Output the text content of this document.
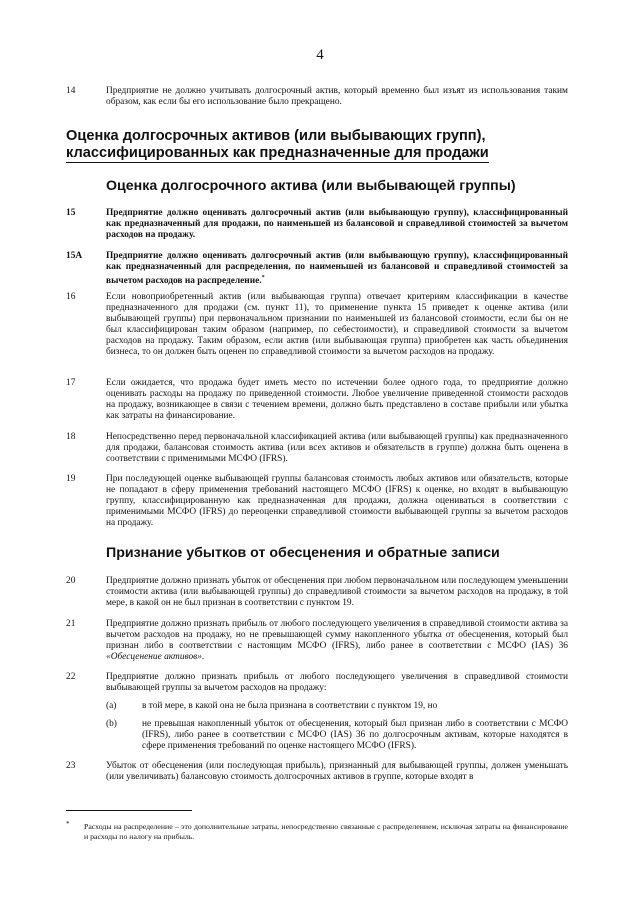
4
14	Предприятие не должно учитывать долгосрочный актив, который временно был изъят из использования таким образом, как если бы его использование было прекращено.
Оценка долгосрочных активов (или выбывающих групп),
классифицированных как предназначенные для продажи
Оценка долгосрочного актива (или выбывающей группы)
15	Предприятие должно оценивать долгосрочный актив (или выбывающую группу), классифицированный как предназначенный для продажи, по наименьшей из балансовой и справедливой стоимостей за вычетом расходов на продажу.
15A	Предприятие должно оценивать долгосрочный актив (или выбывающую группу), классифицированный как предназначенный для распределения, по наименьшей из балансовой и справедливой стоимостей за вычетом расходов на распределение.*
16	Если новоприобретенный актив (или выбывающая группа) отвечает критериям классификации в качестве предназначенного для продажи (см. пункт 11), то применение пункта 15 приведет к оценке актива (или выбывающей группы) при первоначальном признании по наименьшей из балансовой стоимости, если бы он не был классифицирован таким образом (например, по себестоимости), и справедливой стоимости за вычетом расходов на продажу. Таким образом, если актив (или выбывающая группа) приобретен как часть объединения бизнеса, то он должен быть оценен по справедливой стоимости за вычетом расходов на продажу.
17	Если ожидается, что продажа будет иметь место по истечении более одного года, то предприятие должно оценивать расходы на продажу по приведенной стоимости. Любое увеличение приведенной стоимости расходов на продажу, возникающее в связи с течением времени, должно быть представлено в составе прибыли или убытка как затраты на финансирование.
18	Непосредственно перед первоначальной классификацией актива (или выбывающей группы) как предназначенного для продажи, балансовая стоимость актива (или всех активов и обязательств в группе) должна быть оценена в соответствии с применимыми МСФО (IFRS).
19	При последующей оценке выбывающей группы балансовая стоимость любых активов или обязательств, которые не попадают в сферу применения требований настоящего МСФО (IFRS) к оценке, но входят в выбывающую группу, классифицированную как предназначенная для продажи, должна оцениваться в соответствии с применимыми МСФО (IFRS) до переоценки справедливой стоимости выбывающей группы за вычетом расходов на продажу.
Признание убытков от обесценения и обратные записи
20	Предприятие должно признать убыток от обесценения при любом первоначальном или последующем уменьшении стоимости актива (или выбывающей группы) до справедливой стоимости за вычетом расходов на продажу, в той мере, в какой он не был признан в соответствии с пунктом 19.
21	Предприятие должно признать прибыль от любого последующего увеличения в справедливой стоимости актива за вычетом расходов на продажу, но не превышающей сумму накопленного убытка от обесценения, который был признан либо в соответствии с настоящим МСФО (IFRS), либо ранее в соответствии с МСФО (IAS) 36 «Обесценение активов».
22	Предприятие должно признать прибыль от любого последующего увеличения в справедливой стоимости выбывающей группы за вычетом расходов на продажу:
(a)	в той мере, в какой она не была признана в соответствии с пунктом 19, но
(b)	не превышая накопленный убыток от обесценения, который был признан либо в соответствии с МСФО (IFRS), либо ранее в соответствии с МСФО (IAS) 36 по долгосрочным активам, которые находятся в сфере применения требований по оценке настоящего МСФО (IFRS).
23	Убыток от обесценения (или последующая прибыль), признанный для выбывающей группы, должен уменьшать (или увеличивать) балансовую стоимость долгосрочных активов в группе, которые входят в
* Расходы на распределение – это дополнительные затраты, непосредственно связанные с распределением, исключая затраты на финансирование и расходы по налогу на прибыль.
